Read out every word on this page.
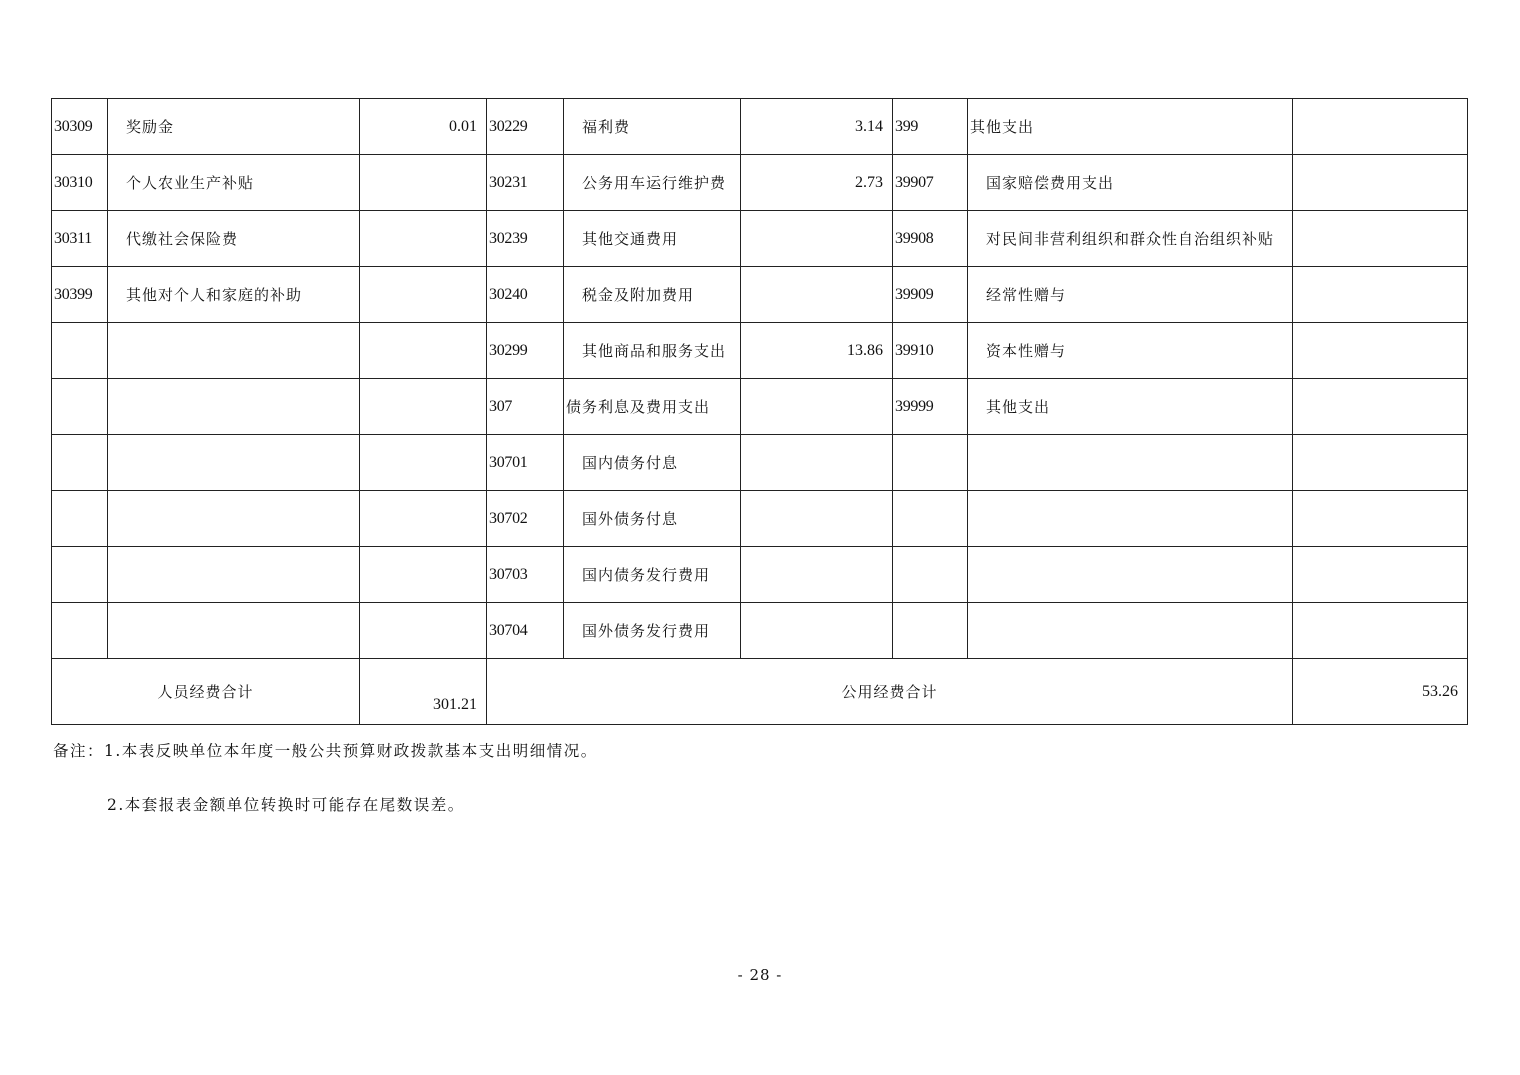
30309	奖励金	0.01	30229	福利费	3.14	399	其他支出	
30310	个人农业生产补贴		30231	公务用车运行维护费	2.73	39907	国家赔偿费用支出	
30311	代缴社会保险费		30239	其他交通费用		39908	对民间非营利组织和群众性自治组织补贴	
30399	其他对个人和家庭的补助		30240	税金及附加费用		39909	经常性赠与	
			30299	其他商品和服务支出	13.86	39910	资本性赠与	
			307	债务利息及费用支出		39999	其他支出	
			30701	国内债务付息				
			30702	国外债务付息				
			30703	国内债务发行费用				
			30704	国外债务发行费用				
人员经费合计		301.21	公用经费合计					53.26
备注：1.本表反映单位本年度一般公共预算财政拨款基本支出明细情况。
2.本套报表金额单位转换时可能存在尾数误差。
- 28 -
